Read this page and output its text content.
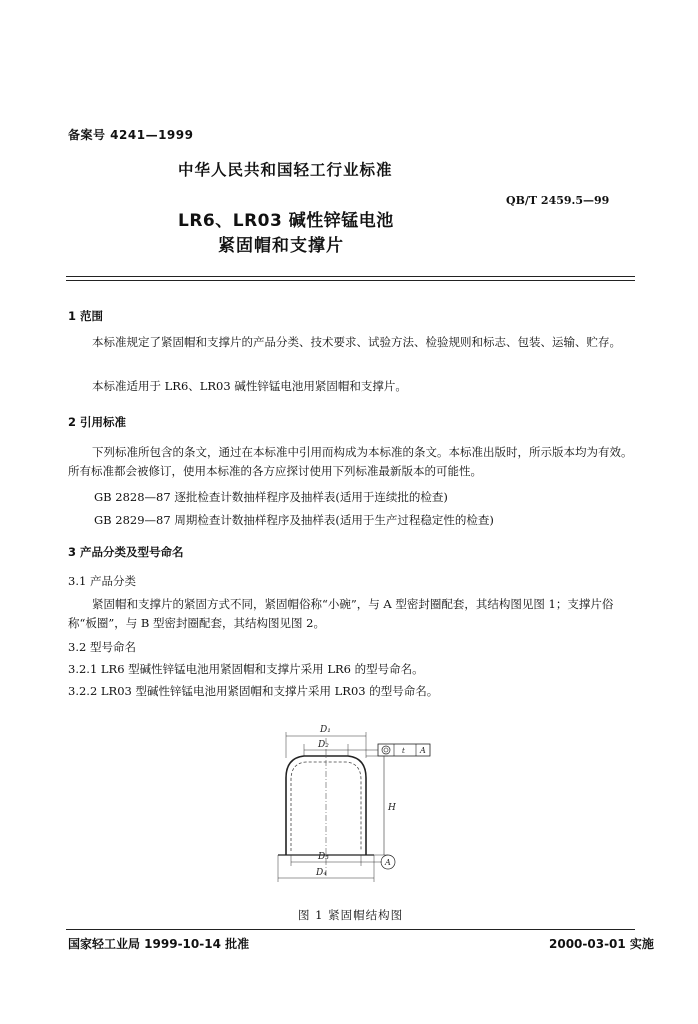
备案号 4241—1999
中华人民共和国轻工行业标准
QB/T 2459.5—99
LR6、LR03 碱性锌锰电池
紧固帽和支撑片
1 范围
本标准规定了紧固帽和支撑片的产品分类、技术要求、试验方法、检验规则和标志、包装、运输、贮存。
本标准适用于 LR6、LR03 碱性锌锰电池用紧固帽和支撑片。
2 引用标准
下列标准所包含的条文，通过在本标准中引用而构成为本标准的条文。本标准出版时，所示版本均为有效。所有标准都会被修订，使用本标准的各方应探讨使用下列标准最新版本的可能性。
GB 2828—87 逐批检查计数抽样程序及抽样表(适用于连续批的检查)
GB 2829—87 周期检查计数抽样程序及抽样表(适用于生产过程稳定性的检查)
3 产品分类及型号命名
3.1 产品分类
紧固帽和支撑片的紧固方式不同，紧固帽俗称“小碗”，与 A 型密封圈配套，其结构图见图 1；支撑片俗称“板圈”，与 B 型密封圈配套，其结构图见图 2。
3.2 型号命名
3.2.1 LR6 型碱性锌锰电池用紧固帽和支撑片采用 LR6 的型号命名。
3.2.2 LR03 型碱性锌锰电池用紧固帽和支撑片采用 LR03 的型号命名。
D₁
D₂
t A
H
D₃
A
D₄
图 1 紧固帽结构图
国家轻工业局 1999-10-14 批准	2000-03-01 实施
